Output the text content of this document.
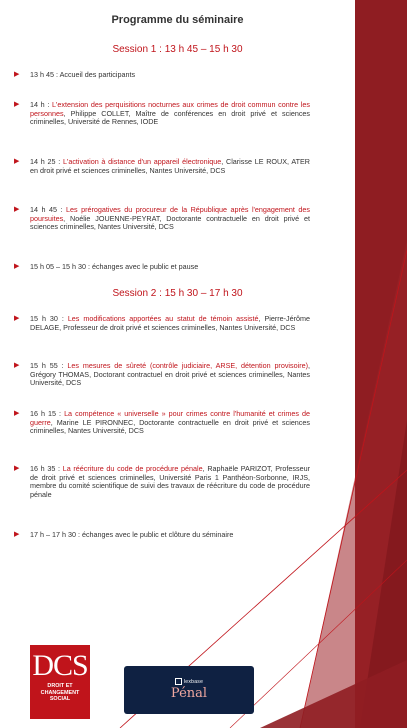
Programme du séminaire

Session 1 : 13 h 45 – 15 h 30

▶ 13 h 45 : Accueil des participants
▶ 14 h : L'extension des perquisitions nocturnes aux crimes de droit commun contre les personnes, Philippe COLLET, Maître de conférences en droit privé et sciences criminelles, Université de Rennes, IODE
▶ 14 h 25 : L'activation à distance d'un appareil électronique, Clarisse LE ROUX, ATER en droit privé et sciences criminelles, Nantes Université, DCS
▶ 14 h 45 : Les prérogatives du procureur de la République après l'engagement des poursuites, Noélie JOUENNE-PEYRAT, Doctorante contractuelle en droit privé et sciences criminelles, Nantes Université, DCS
▶ 15 h 05 – 15 h 30 : échanges avec le public et pause

Session 2 : 15 h 30 – 17 h 30

▶ 15 h 30 : Les modifications apportées au statut de témoin assisté, Pierre-Jérôme DELAGE, Professeur de droit privé et sciences criminelles, Nantes Université, DCS
▶ 15 h 55 : Les mesures de sûreté (contrôle judiciaire, ARSE, détention provisoire), Grégory THOMAS, Doctorant contractuel en droit privé et sciences criminelles, Nantes Université, DCS
▶ 16 h 15 : La compétence « universelle » pour crimes contre l'humanité et crimes de guerre, Marine LE PIRONNEC, Doctorante contractuelle en droit privé et sciences criminelles, Nantes Université, DCS
▶ 16 h 35 : La réécriture du code de procédure pénale, Raphaële PARIZOT, Professeur de droit privé et sciences criminelles, Université Paris 1 Panthéon-Sorbonne, IRJS, membre du comité scientifique de suivi des travaux de réécriture du code de procédure pénale
▶ 17 h – 17 h 30 : échanges avec le public et clôture du séminaire
DCS
DROIT ET
CHANGEMENT SOCIAL
lexbase
Pénal
